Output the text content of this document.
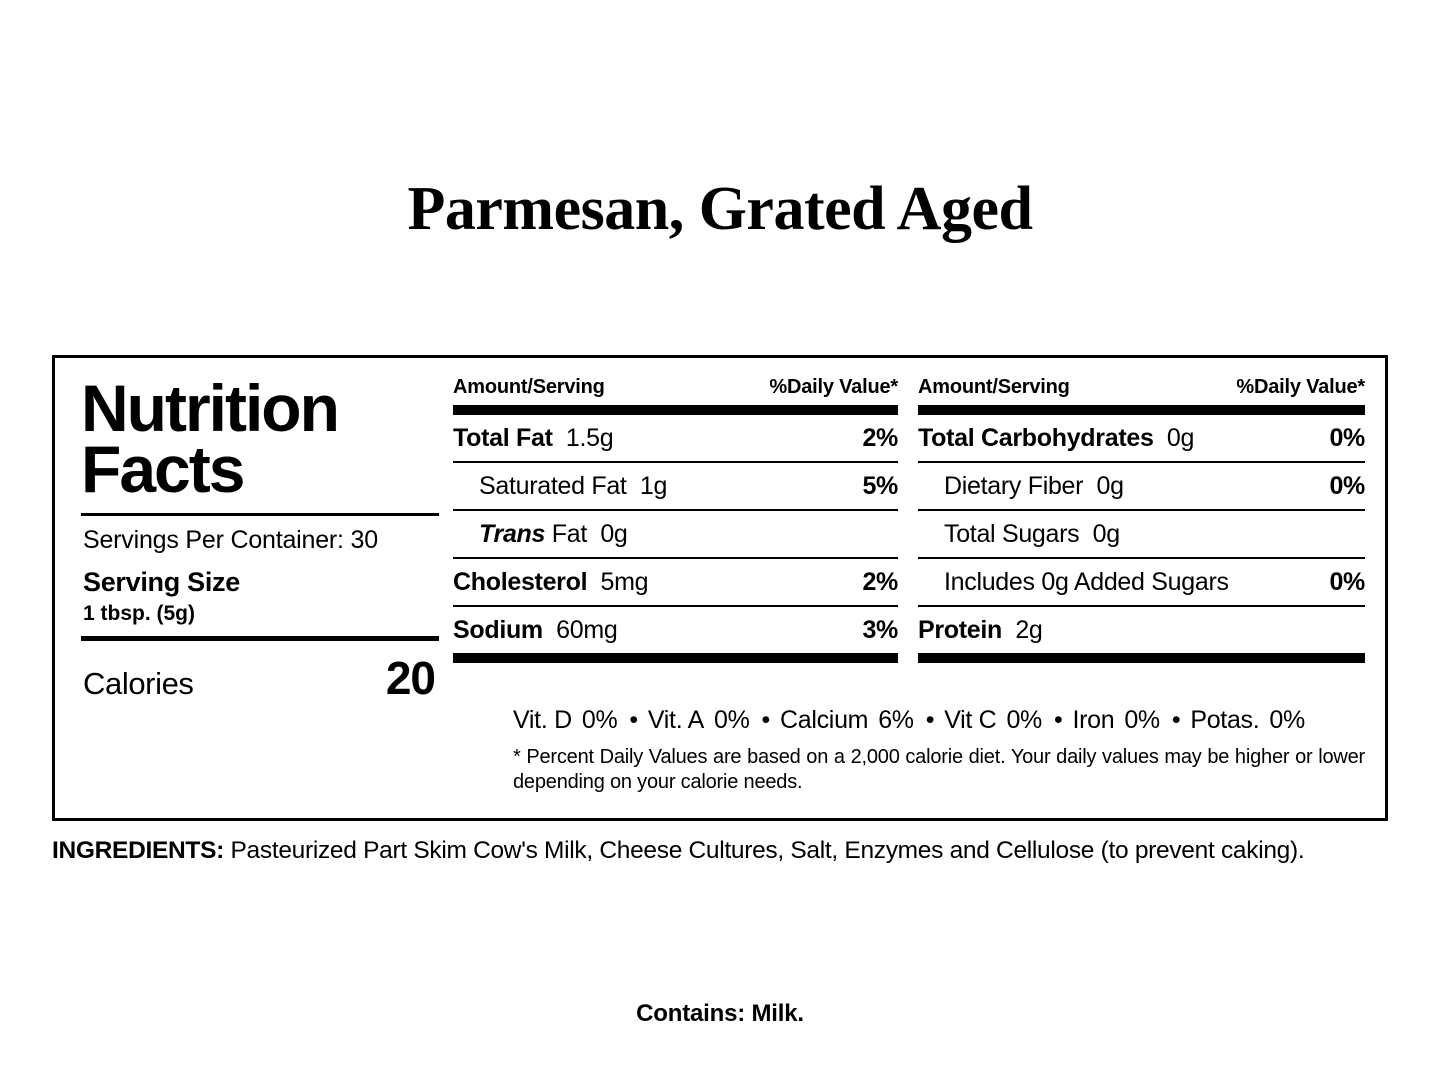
Parmesan, Grated Aged
Nutrition
Facts
Servings Per Container: 30
Serving Size
1 tbsp. (5g)
Calories	20
Amount/Serving	%Daily Value*
Total Fat 1.5g	2%
Saturated Fat 1g	5%
Trans Fat 0g
Cholesterol 5mg	2%
Sodium 60mg	3%
Amount/Serving	%Daily Value*
Total Carbohydrates 0g	0%
Dietary Fiber 0g	0%
Total Sugars 0g
Includes 0g Added Sugars	0%
Protein 2g
Vit. D 0% • Vit. A 0% • Calcium 6% • Vit C 0% • Iron 0% • Potas. 0%
* Percent Daily Values are based on a 2,000 calorie diet. Your daily values may be higher or lower depending on your calorie needs.
INGREDIENTS: Pasteurized Part Skim Cow's Milk, Cheese Cultures, Salt, Enzymes and Cellulose (to prevent caking).
Contains: Milk.
